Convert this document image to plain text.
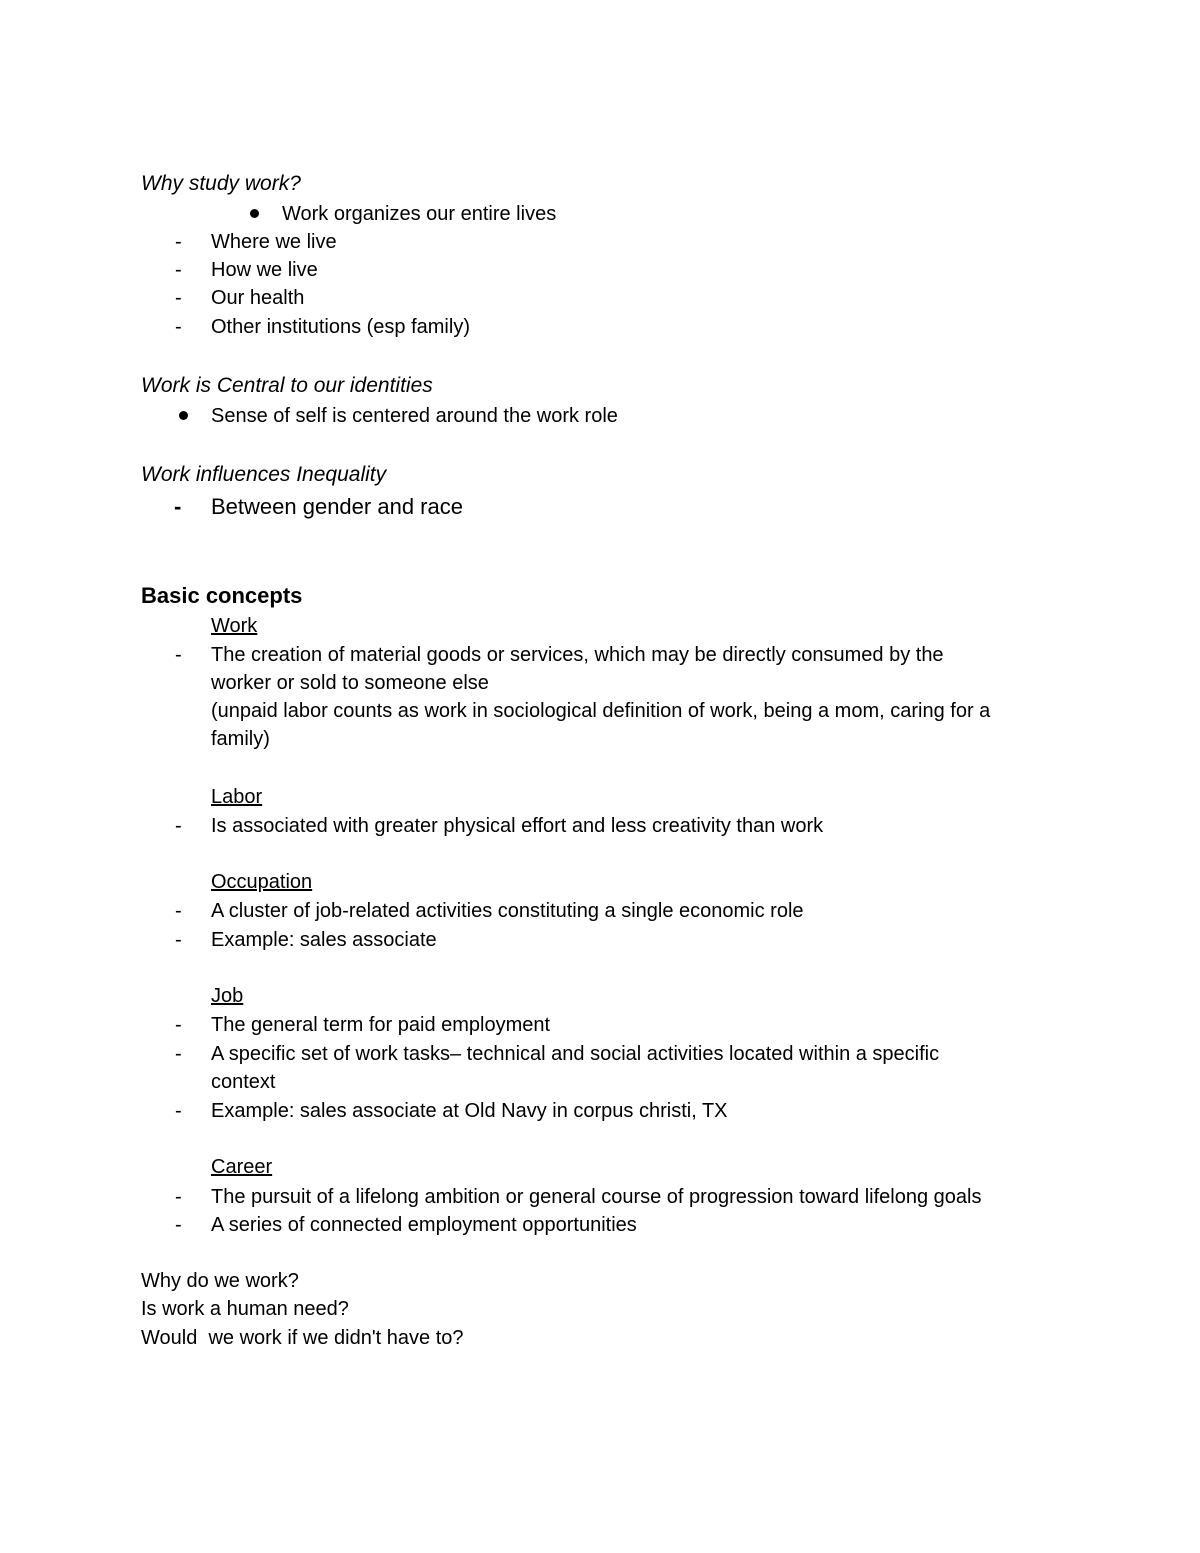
Why study work?
Work organizes our entire lives
- Where we live
- How we live
- Our health
- Other institutions (esp family)
Work is Central to our identities
Sense of self is centered around the work role
Work influences Inequality
- Between gender and race
Basic concepts
Work
- The creation of material goods or services, which may be directly consumed by the
worker or sold to someone else
(unpaid labor counts as work in sociological definition of work, being a mom, caring for a
family)
Labor
- Is associated with greater physical effort and less creativity than work
Occupation
- A cluster of job-related activities constituting a single economic role
- Example: sales associate
Job
- The general term for paid employment
- A specific set of work tasks– technical and social activities located within a specific
context
- Example: sales associate at Old Navy in corpus christi, TX
Career
- The pursuit of a lifelong ambition or general course of progression toward lifelong goals
- A series of connected employment opportunities
Why do we work?
Is work a human need?
Would  we work if we didn't have to?
